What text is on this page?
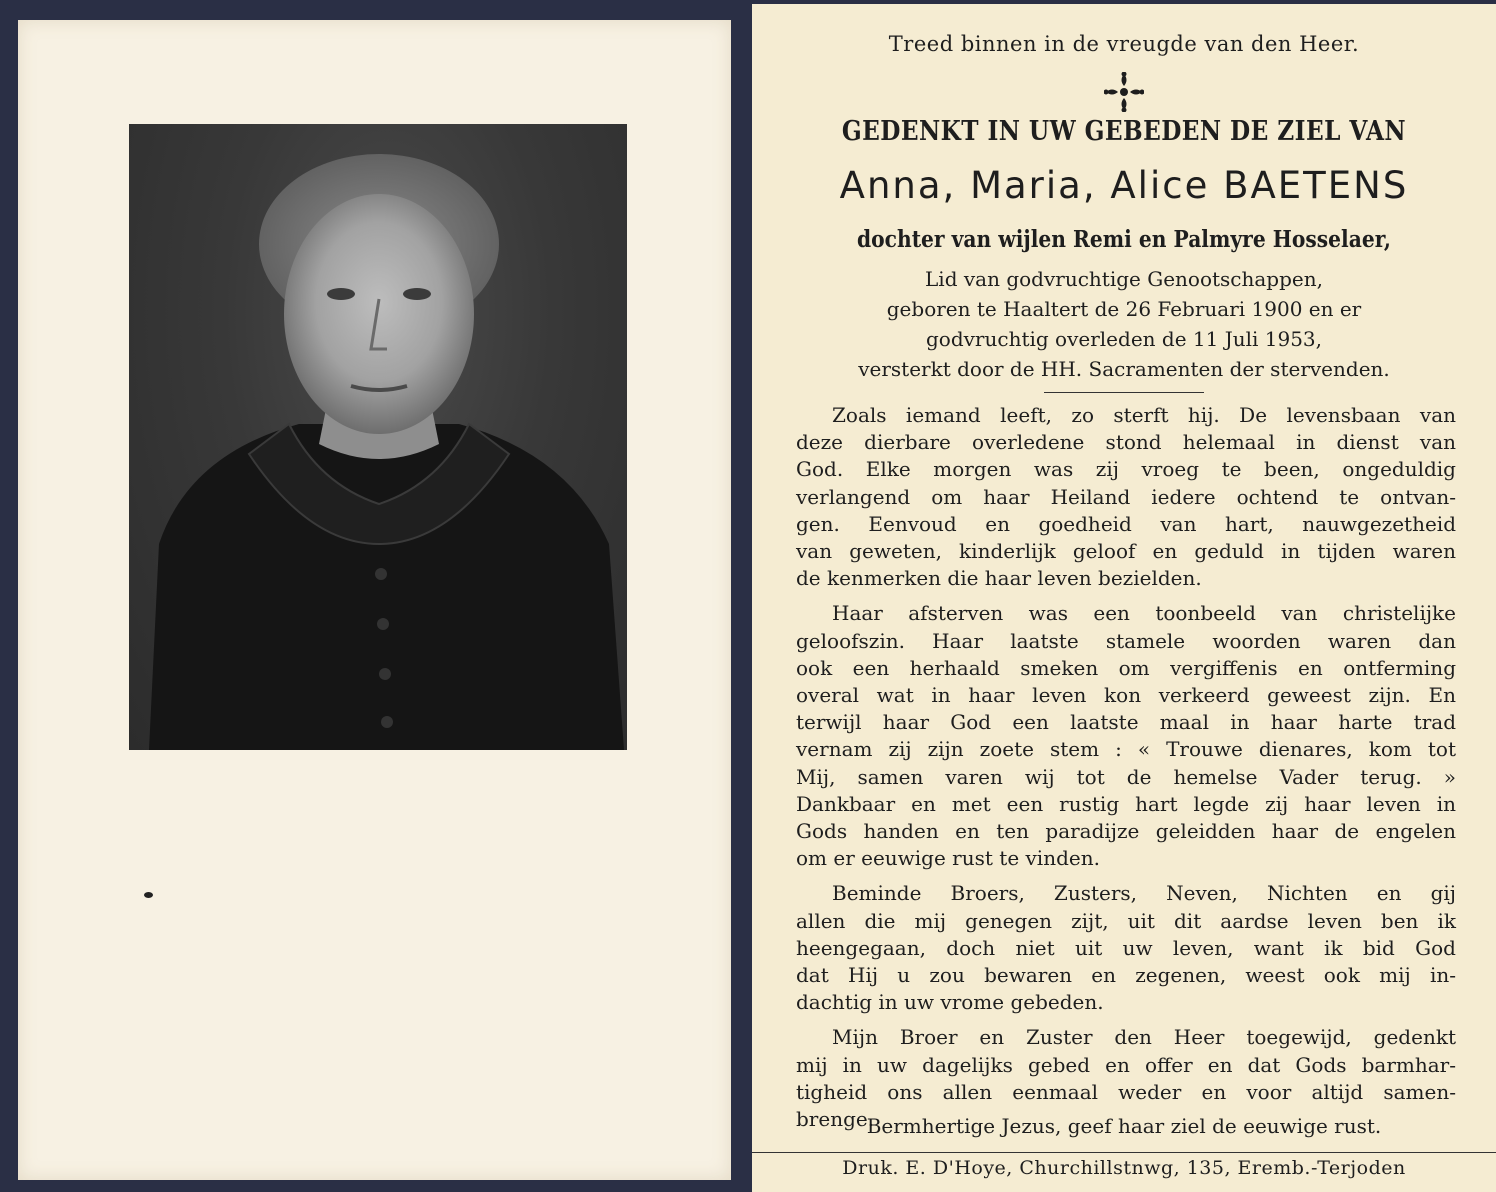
Treed binnen in de vreugde van den Heer.
GEDENKT IN UW GEBEDEN DE ZIEL VAN
Anna, Maria, Alice BAETENS
dochter van wijlen Remi en Palmyre Hosselaer,
Lid van godvruchtige Genootschappen,
geboren te Haaltert de 26 Februari 1900 en er
godvruchtig overleden de 11 Juli 1953,
versterkt door de HH. Sacramenten der stervenden.
Zoals iemand leeft, zo sterft hij. De levensbaan van
deze dierbare overledene stond helemaal in dienst van
God. Elke morgen was zij vroeg te been, ongeduldig
verlangend om haar Heiland iedere ochtend te ontvan-
gen. Eenvoud en goedheid van hart, nauwgezetheid
van geweten, kinderlijk geloof en geduld in tijden waren
de kenmerken die haar leven bezielden.
Haar afsterven was een toonbeeld van christelijke
geloofszin. Haar laatste stamele woorden waren dan
ook een herhaald smeken om vergiffenis en ontferming
overal wat in haar leven kon verkeerd geweest zijn. En
terwijl haar God een laatste maal in haar harte trad
vernam zij zijn zoete stem : « Trouwe dienares, kom tot
Mij, samen varen wij tot de hemelse Vader terug. »
Dankbaar en met een rustig hart legde zij haar leven in
Gods handen en ten paradijze geleidden haar de engelen
om er eeuwige rust te vinden.
Beminde Broers, Zusters, Neven, Nichten en gij
allen die mij genegen zijt, uit dit aardse leven ben ik
heengegaan, doch niet uit uw leven, want ik bid God
dat Hij u zou bewaren en zegenen, weest ook mij in-
dachtig in uw vrome gebeden.
Mijn Broer en Zuster den Heer toegewijd, gedenkt
mij in uw dagelijks gebed en offer en dat Gods barmhar-
tigheid ons allen eenmaal weder en voor altijd samen-
brenge.
Bermhertige Jezus, geef haar ziel de eeuwige rust.
Druk. E. D'Hoye, Churchillstnwg, 135, Eremb.-Terjoden
